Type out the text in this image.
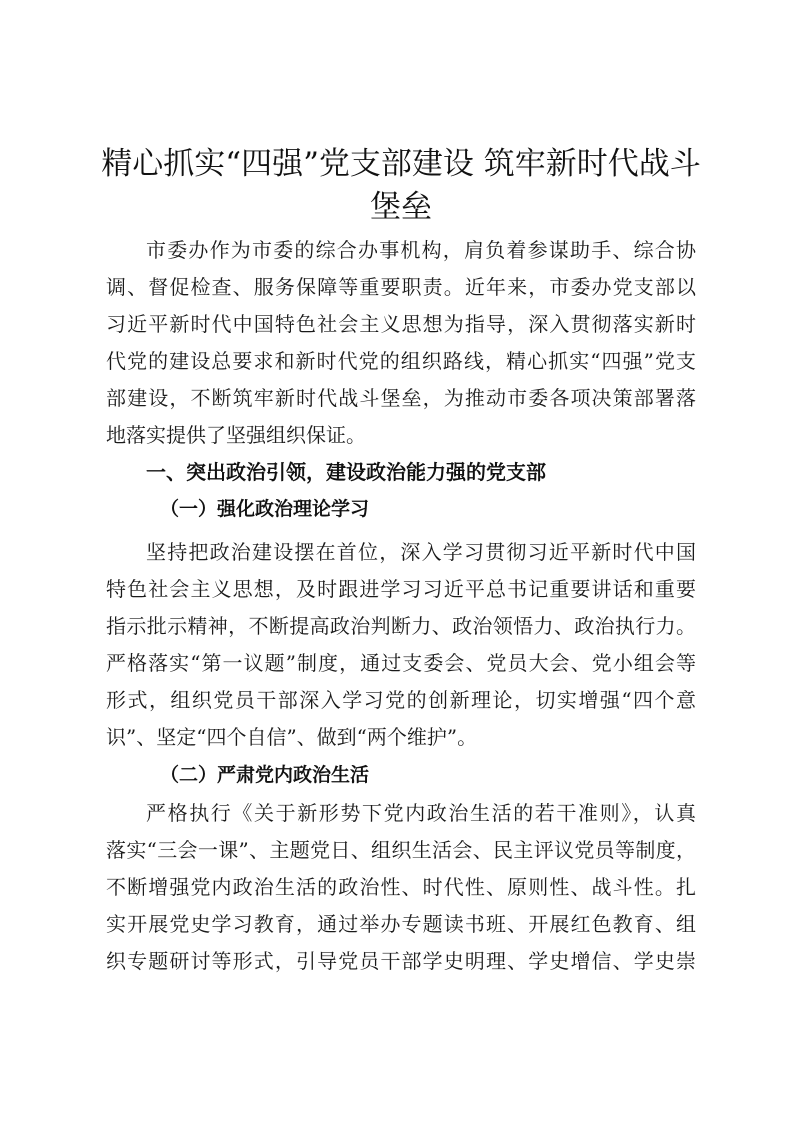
精心抓实“四强”党支部建设 筑牢新时代战斗
堡垒
市委办作为市委的综合办事机构，肩负着参谋助手、综合协
调、督促检查、服务保障等重要职责。近年来，市委办党支部以
习近平新时代中国特色社会主义思想为指导，深入贯彻落实新时
代党的建设总要求和新时代党的组织路线，精心抓实“四强”党支
部建设，不断筑牢新时代战斗堡垒，为推动市委各项决策部署落
地落实提供了坚强组织保证。
一、突出政治引领，建设政治能力强的党支部
（一）强化政治理论学习
坚持把政治建设摆在首位，深入学习贯彻习近平新时代中国
特色社会主义思想，及时跟进学习习近平总书记重要讲话和重要
指示批示精神，不断提高政治判断力、政治领悟力、政治执行力。
严格落实“第一议题”制度，通过支委会、党员大会、党小组会等
形式，组织党员干部深入学习党的创新理论，切实增强“四个意
识”、坚定“四个自信”、做到“两个维护”。
（二）严肃党内政治生活
严格执行《关于新形势下党内政治生活的若干准则》，认真
落实“三会一课”、主题党日、组织生活会、民主评议党员等制度，
不断增强党内政治生活的政治性、时代性、原则性、战斗性。扎
实开展党史学习教育，通过举办专题读书班、开展红色教育、组
织专题研讨等形式，引导党员干部学史明理、学史增信、学史崇
